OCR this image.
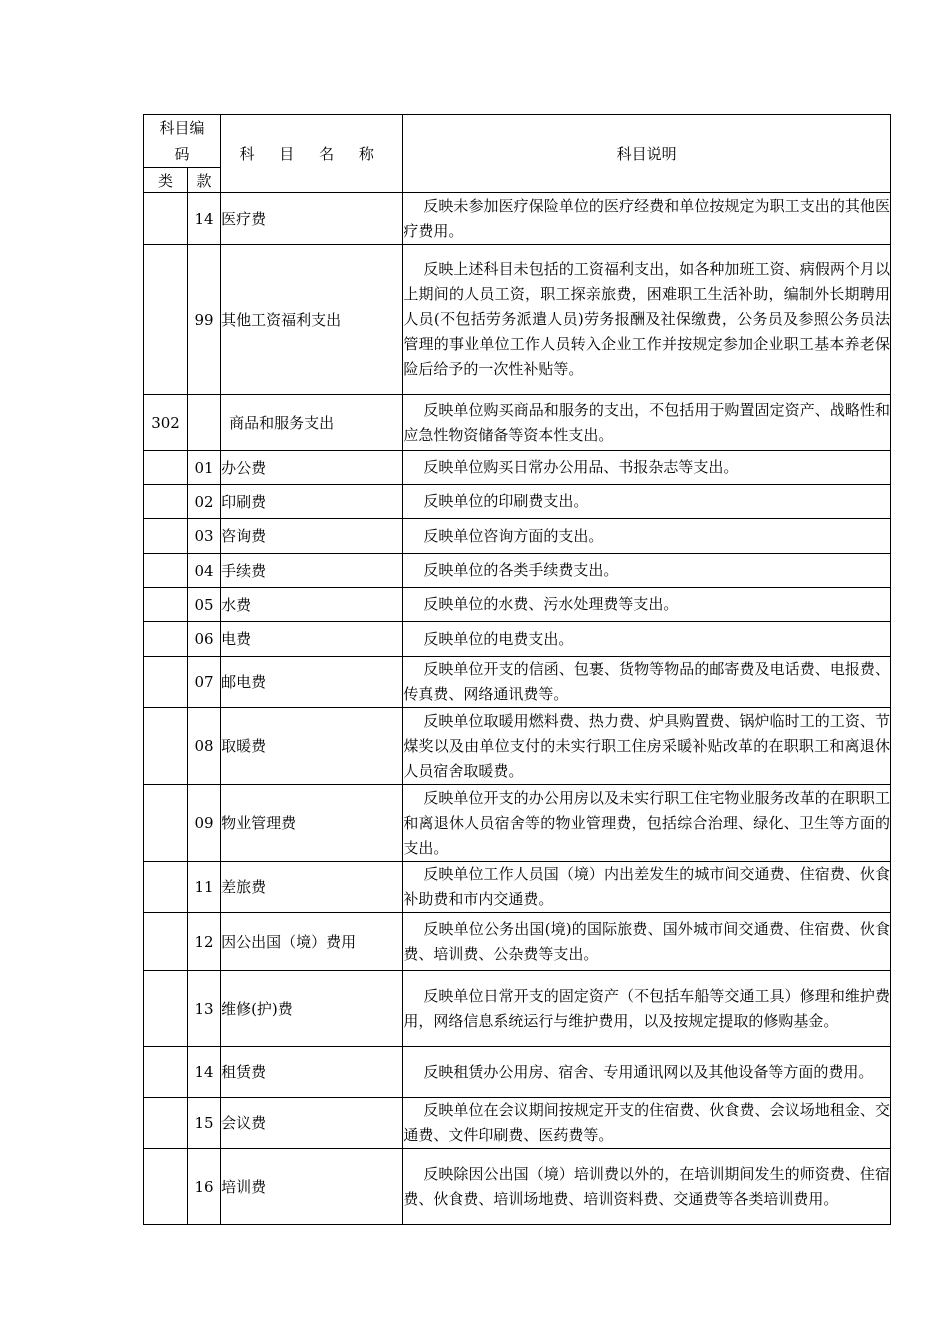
科目编码		科 目 名 称	科目说明
类	款		
	14	医疗费	反映未参加医疗保险单位的医疗经费和单位按规定为职工支出的其他医疗费用。

	99	其他工资福利支出	反映上述科目未包括的工资福利支出，如各种加班工资、病假两个月以上期间的人员工资，职工探亲旅费，困难职工生活补助，编制外长期聘用人员(不包括劳务派遣人员)劳务报酬及社保缴费，公务员及参照公务员法管理的事业单位工作人员转入企业工作并按规定参加企业职工基本养老保险后给予的一次性补贴等。

302		商品和服务支出	反映单位购买商品和服务的支出，不包括用于购置固定资产、战略性和应急性物资储备等资本性支出。

	01	办公费	反映单位购买日常办公用品、书报杂志等支出。

	02	印刷费	反映单位的印刷费支出。

	03	咨询费	反映单位咨询方面的支出。

	04	手续费	反映单位的各类手续费支出。

	05	水费	反映单位的水费、污水处理费等支出。

	06	电费	反映单位的电费支出。

	07	邮电费	反映单位开支的信函、包裹、货物等物品的邮寄费及电话费、电报费、传真费、网络通讯费等。

	08	取暖费	反映单位取暖用燃料费、热力费、炉具购置费、锅炉临时工的工资、节煤奖以及由单位支付的未实行职工住房采暖补贴改革的在职职工和离退休人员宿舍取暖费。

	09	物业管理费	反映单位开支的办公用房以及未实行职工住宅物业服务改革的在职职工和离退休人员宿舍等的物业管理费，包括综合治理、绿化、卫生等方面的支出。

	11	差旅费	反映单位工作人员国（境）内出差发生的城市间交通费、住宿费、伙食补助费和市内交通费。

	12	因公出国（境）费用	反映单位公务出国(境)的国际旅费、国外城市间交通费、住宿费、伙食费、培训费、公杂费等支出。

	13	维修(护)费	反映单位日常开支的固定资产（不包括车船等交通工具）修理和维护费用，网络信息系统运行与维护费用，以及按规定提取的修购基金。

	14	租赁费	反映租赁办公用房、宿舍、专用通讯网以及其他设备等方面的费用。

	15	会议费	反映单位在会议期间按规定开支的住宿费、伙食费、会议场地租金、交通费、文件印刷费、医药费等。

	16	培训费	反映除因公出国（境）培训费以外的，在培训期间发生的师资费、住宿费、伙食费、培训场地费、培训资料费、交通费等各类培训费用。
